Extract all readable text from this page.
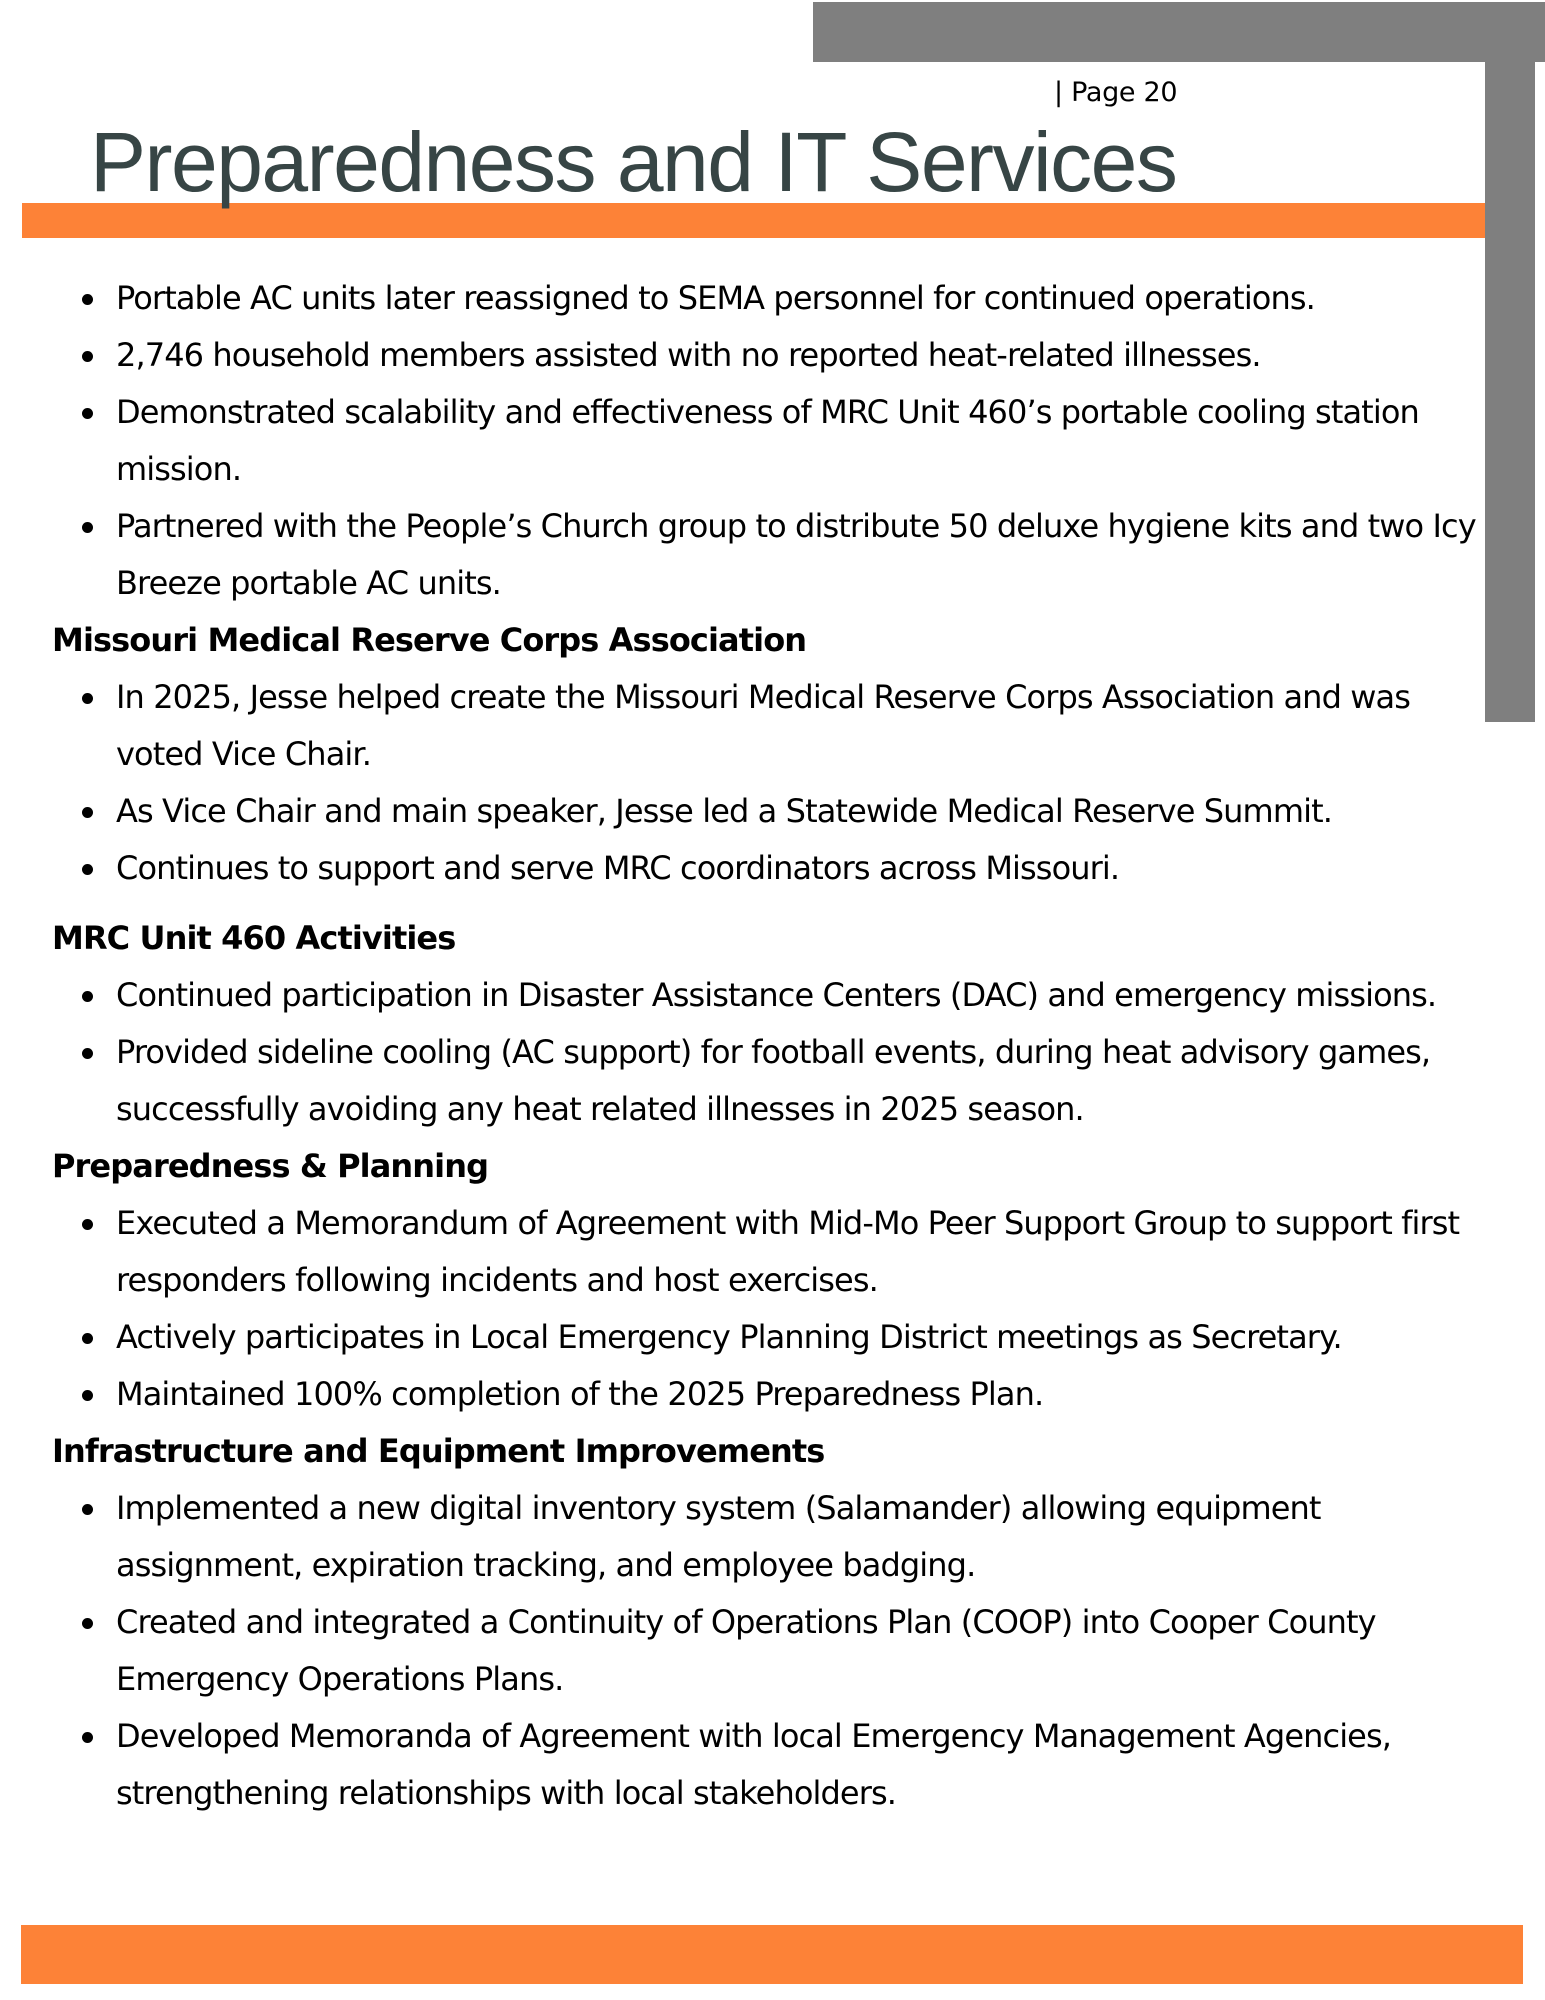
| Page 20
Preparedness and IT Services
Portable AC units later reassigned to SEMA personnel for continued operations.
2,746 household members assisted with no reported heat-related illnesses.
Demonstrated scalability and effectiveness of MRC Unit 460’s portable cooling station mission.
Partnered with the People’s Church group to distribute 50 deluxe hygiene kits and two Icy Breeze portable AC units.
Missouri Medical Reserve Corps Association
In 2025, Jesse helped create the Missouri Medical Reserve Corps Association and was voted Vice Chair.
As Vice Chair and main speaker, Jesse led a Statewide Medical Reserve Summit.
Continues to support and serve MRC coordinators across Missouri.
MRC Unit 460 Activities
Continued participation in Disaster Assistance Centers (DAC) and emergency missions.
Provided sideline cooling (AC support) for football events, during heat advisory games, successfully avoiding any heat related illnesses in 2025 season.
Preparedness & Planning
Executed a Memorandum of Agreement with Mid-Mo Peer Support Group to support first responders following incidents and host exercises.
Actively participates in Local Emergency Planning District meetings as Secretary.
Maintained 100% completion of the 2025 Preparedness Plan.
Infrastructure and Equipment Improvements
Implemented a new digital inventory system (Salamander) allowing equipment assignment, expiration tracking, and employee badging.
Created and integrated a Continuity of Operations Plan (COOP) into Cooper County Emergency Operations Plans.
Developed Memoranda of Agreement with local Emergency Management Agencies, strengthening relationships with local stakeholders.
